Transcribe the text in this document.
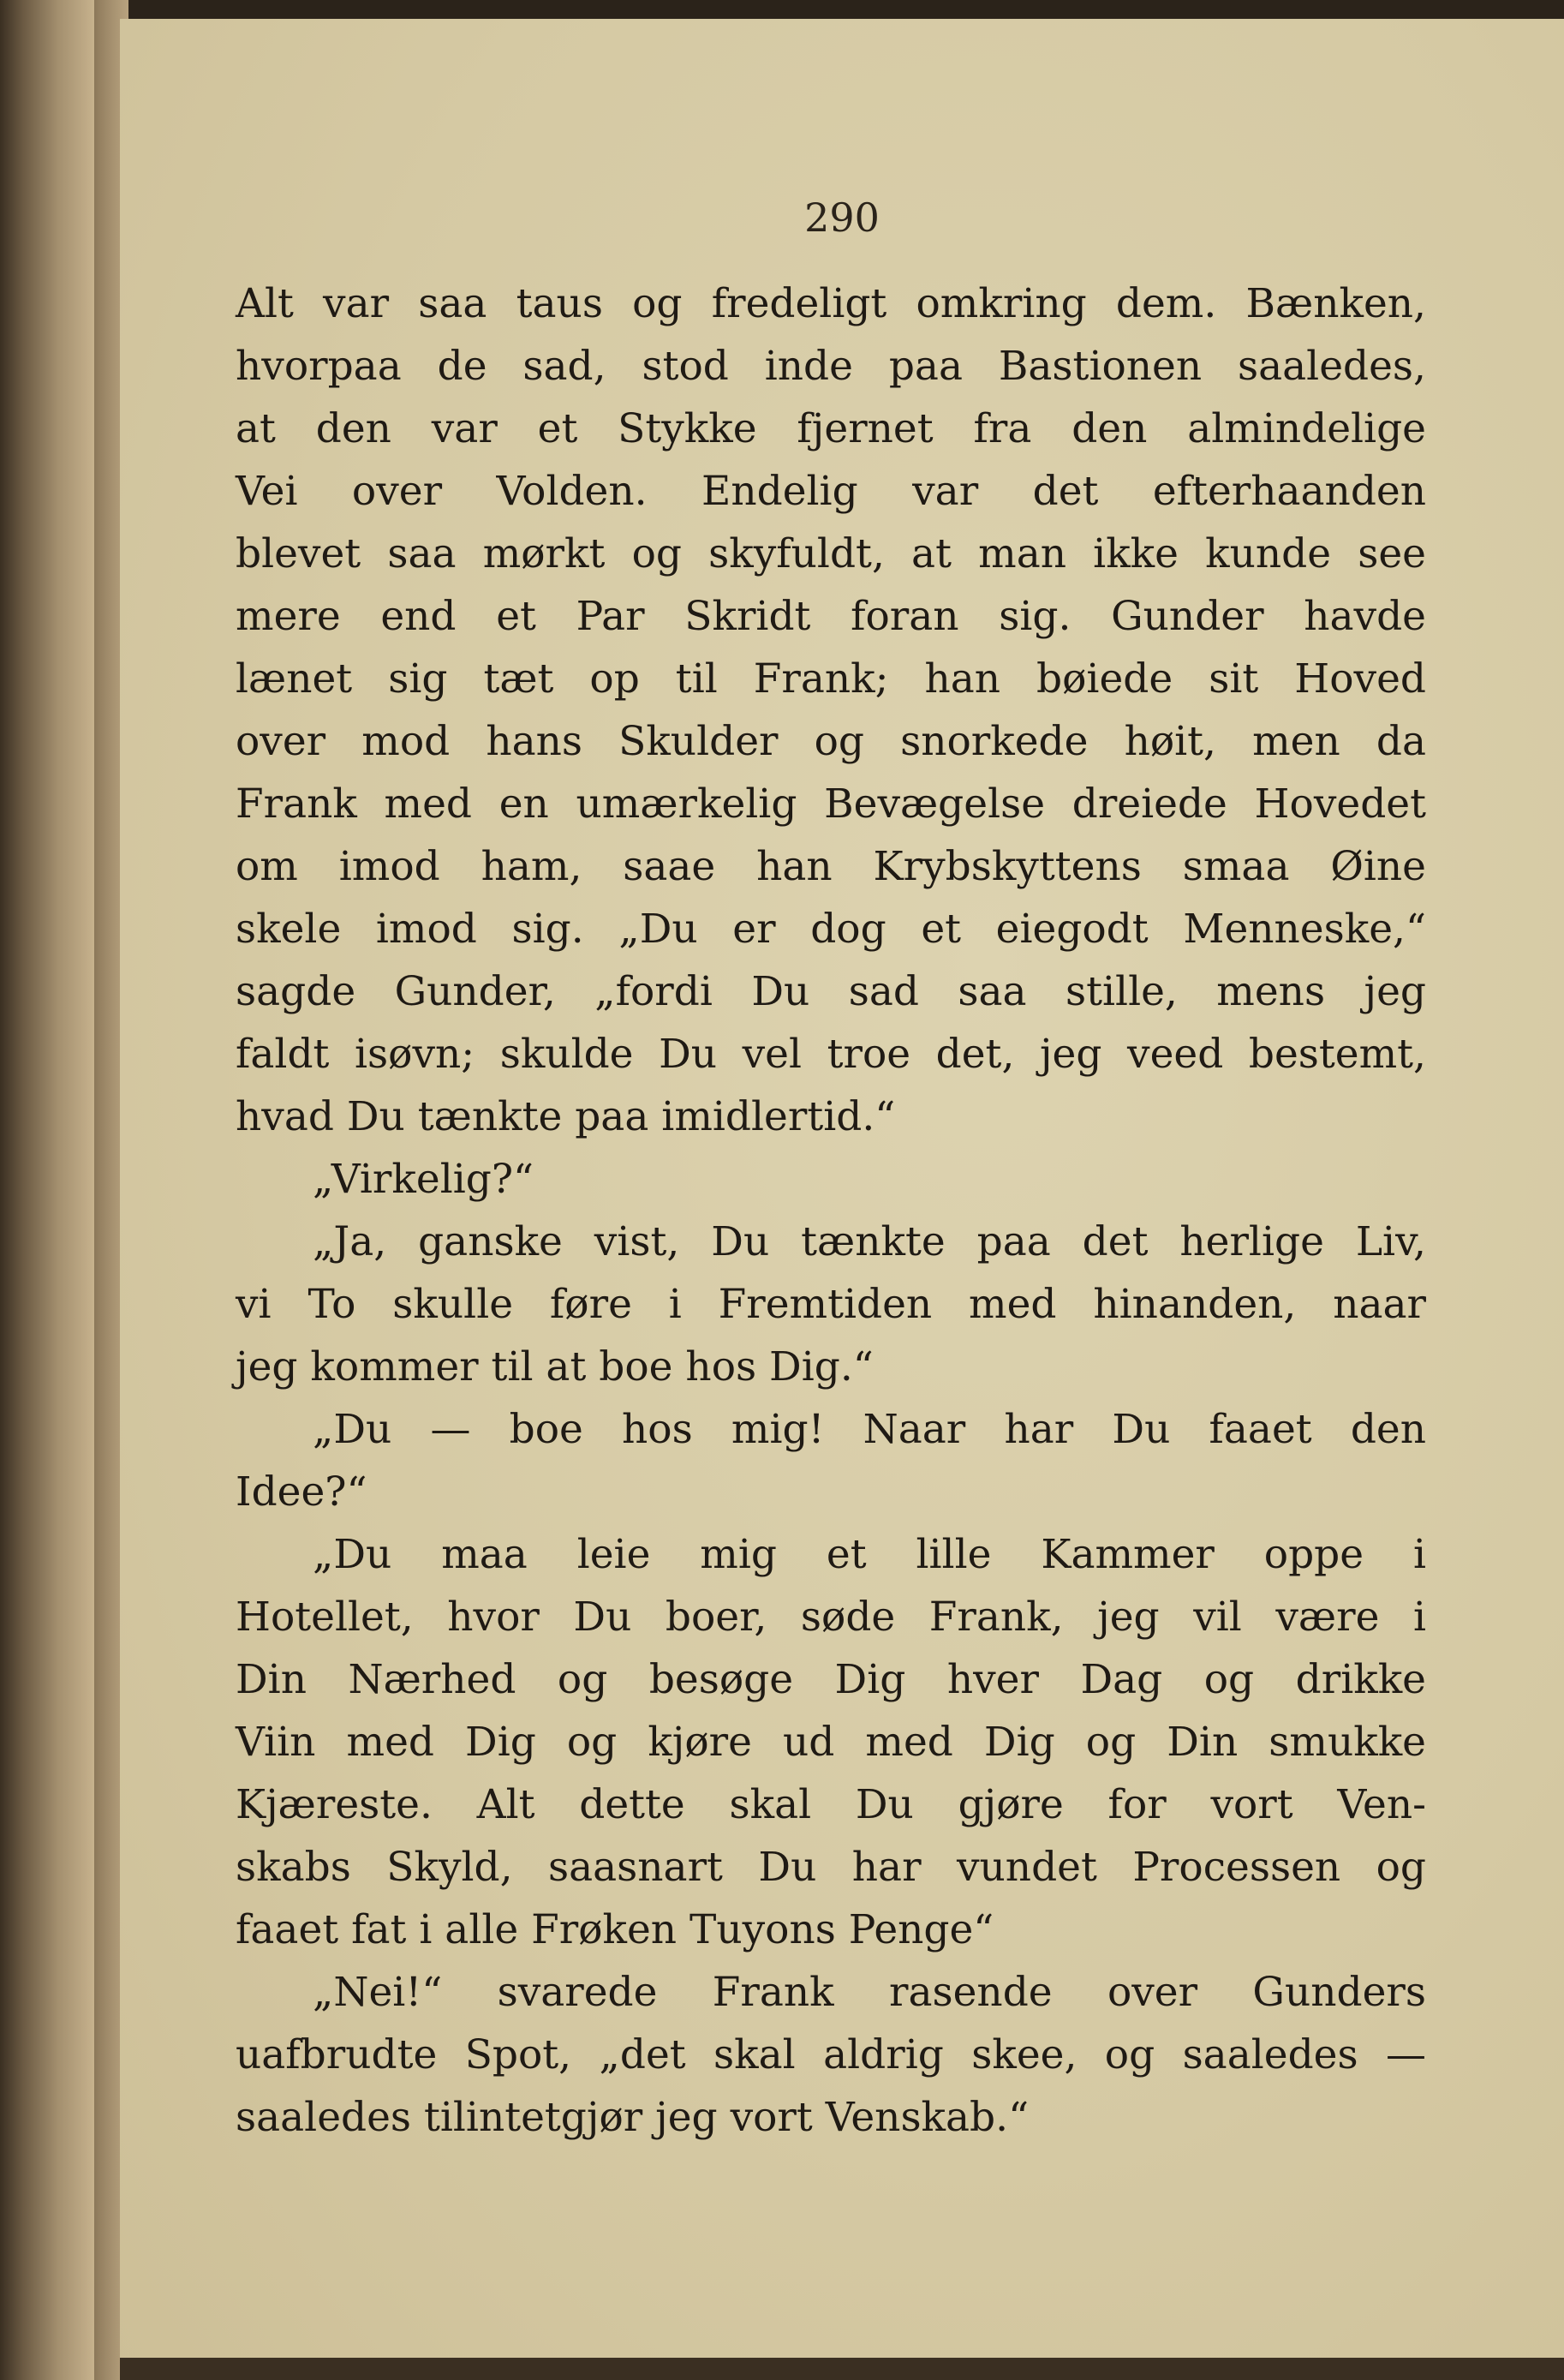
290
Alt var saa taus og fredeligt omkring dem. Bænken,
hvorpaa de sad, stod inde paa Bastionen saaledes,
at den var et Stykke fjernet fra den almindelige
Vei over Volden. Endelig var det efterhaanden
blevet saa mørkt og skyfuldt, at man ikke kunde see
mere end et Par Skridt foran sig. Gunder havde
lænet sig tæt op til Frank; han bøiede sit Hoved
over mod hans Skulder og snorkede høit, men da
Frank med en umærkelig Bevægelse dreiede Hovedet
om imod ham, saae han Krybskyttens smaa Øine
skele imod sig. „Du er dog et eiegodt Menneske,“
sagde Gunder, „fordi Du sad saa stille, mens jeg
faldt isøvn; skulde Du vel troe det, jeg veed bestemt,
hvad Du tænkte paa imidlertid.“
„Virkelig?“
„Ja, ganske vist, Du tænkte paa det herlige Liv,
vi To skulle føre i Fremtiden med hinanden, naar
jeg kommer til at boe hos Dig.“
„Du — boe hos mig! Naar har Du faaet den
Idee?“
„Du maa leie mig et lille Kammer oppe i
Hotellet, hvor Du boer, søde Frank, jeg vil være i
Din Nærhed og besøge Dig hver Dag og drikke
Viin med Dig og kjøre ud med Dig og Din smukke
Kjæreste. Alt dette skal Du gjøre for vort Ven-
skabs Skyld, saasnart Du har vundet Processen og
faaet fat i alle Frøken Tuyons Penge“
„Nei!“ svarede Frank rasende over Gunders
uafbrudte Spot, „det skal aldrig skee, og saaledes —
saaledes tilintetgjør jeg vort Venskab.“
